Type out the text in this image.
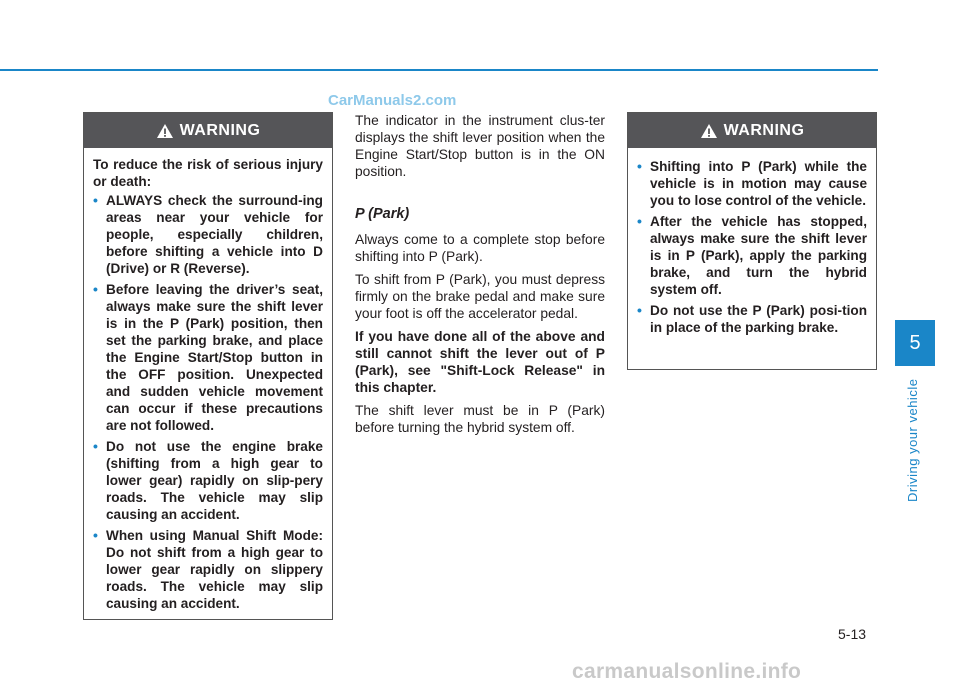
CarManuals2.com
WARNING

To reduce the risk of serious injury or death:

• ALWAYS check the surround-ing areas near your vehicle for people, especially children, before shifting a vehicle into D (Drive) or R (Reverse).
• Before leaving the driver’s seat, always make sure the shift lever is in the P (Park) position, then set the parking brake, and place the Engine Start/Stop button in the OFF position. Unexpected and sudden vehicle movement can occur if these precautions are not followed.
• Do not use the engine brake (shifting from a high gear to lower gear) rapidly on slip-pery roads. The vehicle may slip causing an accident.
• When using Manual Shift Mode: Do not shift from a high gear to lower gear rapidly on slippery roads. The vehicle may slip causing an accident.

The indicator in the instrument clus-ter displays the shift lever position when the Engine Start/Stop button is in the ON position.

P (Park)

Always come to a complete stop before shifting into P (Park).

To shift from P (Park), you must depress firmly on the brake pedal and make sure your foot is off the accelerator pedal.

If you have done all of the above and still cannot shift the lever out of P (Park), see "Shift-Lock Release" in this chapter.

The shift lever must be in P (Park) before turning the hybrid system off.

WARNING
• Shifting into P (Park) while the vehicle is in motion may cause you to lose control of the vehicle.
• After the vehicle has stopped, always make sure the shift lever is in P (Park), apply the parking brake, and turn the hybrid system off.
• Do not use the P (Park) posi-tion in place of the parking brake.
5
Driving your vehicle
5-13
carmanualsonline.info
